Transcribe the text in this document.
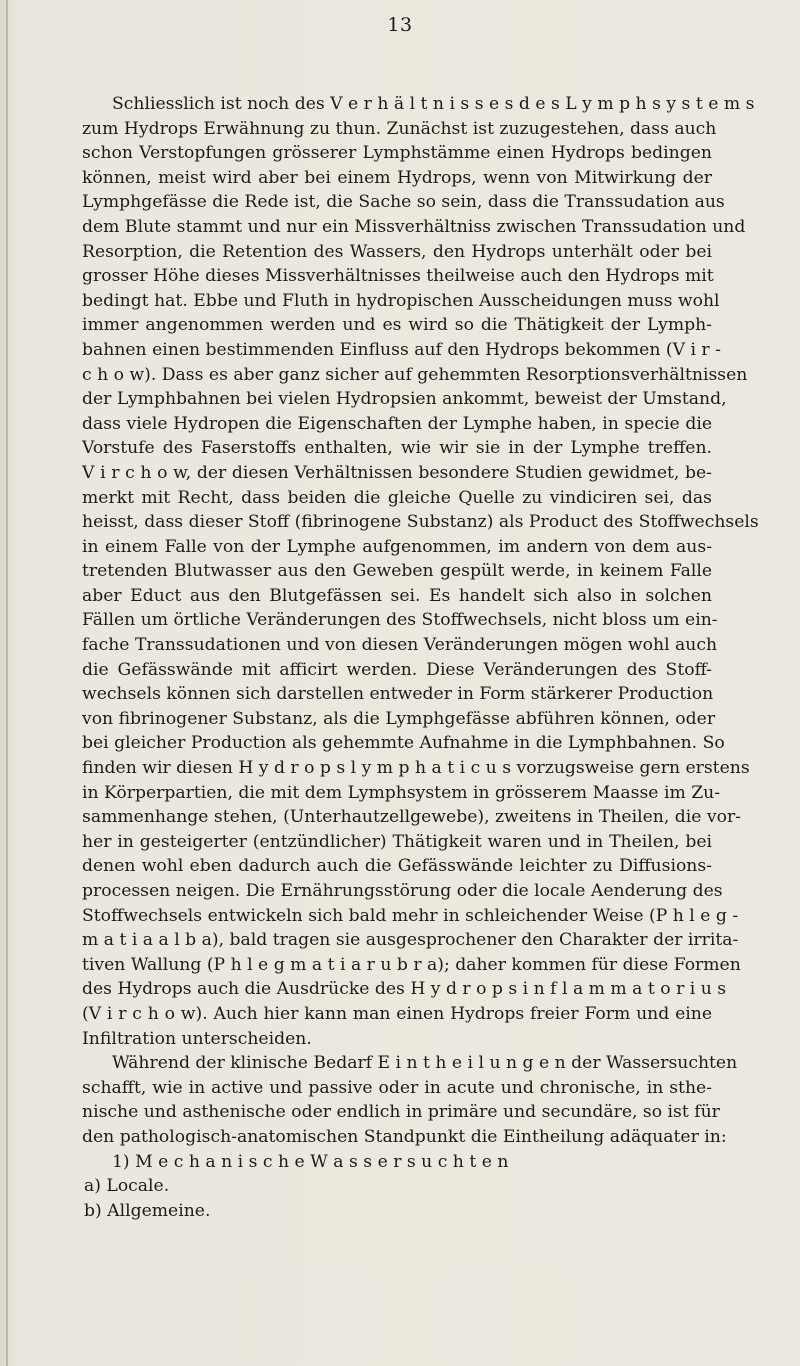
13
Schliesslich ist noch des V e r h ä l t n i s s e s d e s L y m p h s y s t e m s
zum Hydrops Erwähnung zu thun. Zunächst ist zuzugestehen, dass auch
schon Verstopfungen grösserer Lymphstämme einen Hydrops bedingen
können, meist wird aber bei einem Hydrops, wenn von Mitwirkung der
Lymphgefässe die Rede ist, die Sache so sein, dass die Transsudation aus
dem Blute stammt und nur ein Missverhältniss zwischen Transsudation und
Resorption, die Retention des Wassers, den Hydrops unterhält oder bei
grosser Höhe dieses Missverhältnisses theilweise auch den Hydrops mit
bedingt hat. Ebbe und Fluth in hydropischen Ausscheidungen muss wohl
immer angenommen werden und es wird so die Thätigkeit der Lymph-
bahnen einen bestimmenden Einfluss auf den Hydrops bekommen (V i r -
c h o w). Dass es aber ganz sicher auf gehemmten Resorptionsverhältnissen
der Lymphbahnen bei vielen Hydropsien ankommt, beweist der Umstand,
dass viele Hydropen die Eigenschaften der Lymphe haben, in specie die
Vorstufe des Faserstoffs enthalten, wie wir sie in der Lymphe treffen.
V i r c h o w, der diesen Verhältnissen besondere Studien gewidmet, be-
merkt mit Recht, dass beiden die gleiche Quelle zu vindiciren sei, das
heisst, dass dieser Stoff (fibrinogene Substanz) als Product des Stoffwechsels
in einem Falle von der Lymphe aufgenommen, im andern von dem aus-
tretenden Blutwasser aus den Geweben gespült werde, in keinem Falle
aber Educt aus den Blutgefässen sei. Es handelt sich also in solchen
Fällen um örtliche Veränderungen des Stoffwechsels, nicht bloss um ein-
fache Transsudationen und von diesen Veränderungen mögen wohl auch
die Gefässwände mit afficirt werden. Diese Veränderungen des Stoff-
wechsels können sich darstellen entweder in Form stärkerer Production
von fibrinogener Substanz, als die Lymphgefässe abführen können, oder
bei gleicher Production als gehemmte Aufnahme in die Lymphbahnen. So
finden wir diesen H y d r o p s l y m p h a t i c u s vorzugsweise gern erstens
in Körperpartien, die mit dem Lymphsystem in grösserem Maasse im Zu-
sammenhange stehen, (Unterhautzellgewebe), zweitens in Theilen, die vor-
her in gesteigerter (entzündlicher) Thätigkeit waren und in Theilen, bei
denen wohl eben dadurch auch die Gefässwände leichter zu Diffusions-
processen neigen. Die Ernährungsstörung oder die locale Aenderung des
Stoffwechsels entwickeln sich bald mehr in schleichender Weise (P h l e g -
m a t i a a l b a), bald tragen sie ausgesprochener den Charakter der irrita-
tiven Wallung (P h l e g m a t i a r u b r a); daher kommen für diese Formen
des Hydrops auch die Ausdrücke des H y d r o p s i n f l a m m a t o r i u s
(V i r c h o w). Auch hier kann man einen Hydrops freier Form und eine
Infiltration unterscheiden.
Während der klinische Bedarf E i n t h e i l u n g e n der Wassersuchten
schafft, wie in active und passive oder in acute und chronische, in sthe-
nische und asthenische oder endlich in primäre und secundäre, so ist für
den pathologisch-anatomischen Standpunkt die Eintheilung adäquater in:
1) M e c h a n i s c h e W a s s e r s u c h t e n
a) Locale.
b) Allgemeine.
